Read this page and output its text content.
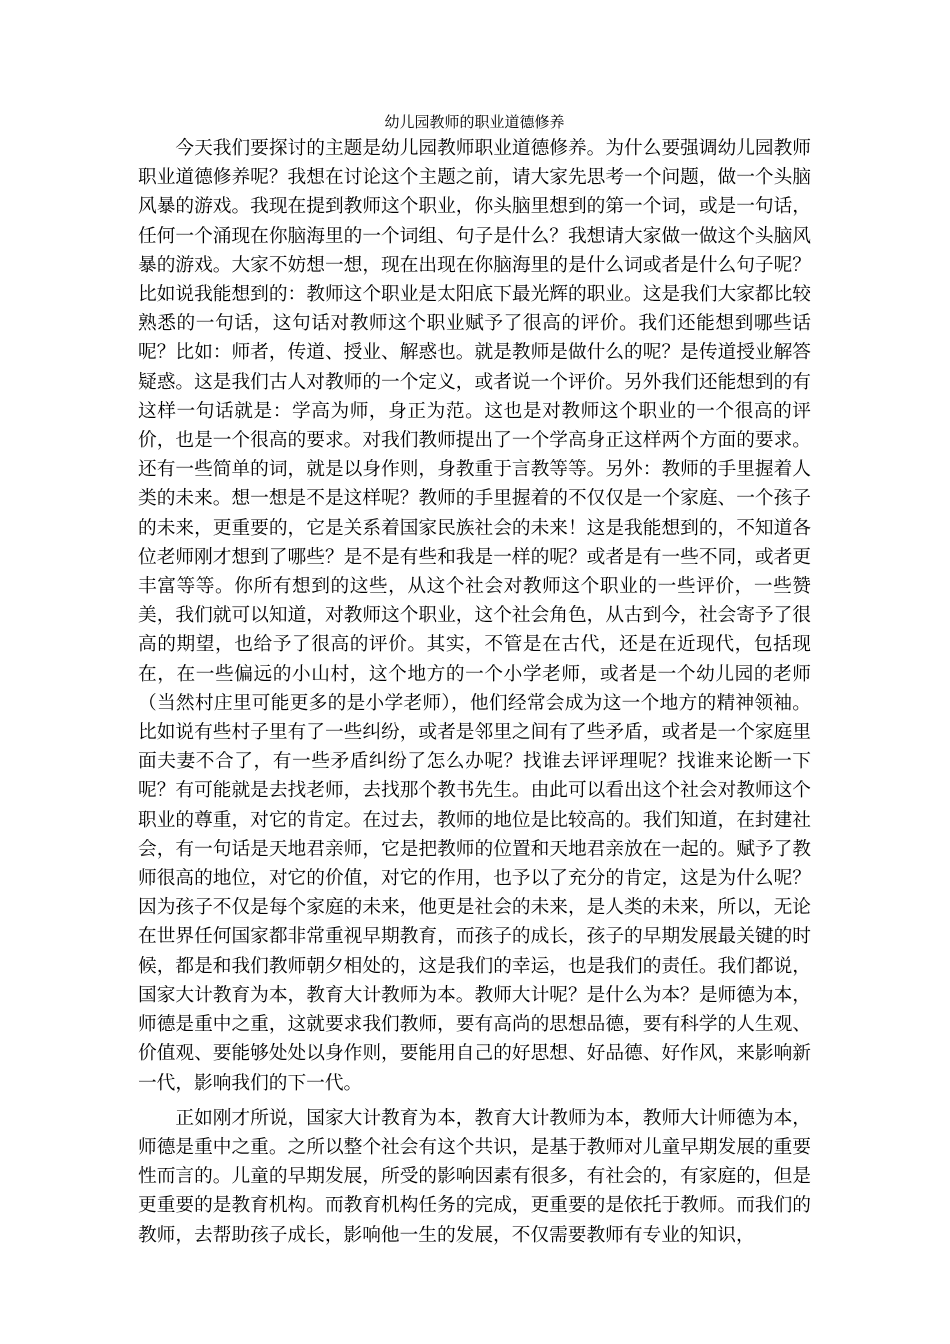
幼儿园教师的职业道德修养

今天我们要探讨的主题是幼儿园教师职业道德修养。为什么要强调幼儿园教师职业道德修养呢？我想在讨论这个主题之前，请大家先思考一个问题，做一个头脑风暴的游戏。我现在提到教师这个职业，你头脑里想到的第一个词，或是一句话，任何一个涌现在你脑海里的一个词组、句子是什么？我想请大家做一做这个头脑风暴的游戏。大家不妨想一想，现在出现在你脑海里的是什么词或者是什么句子呢？比如说我能想到的：教师这个职业是太阳底下最光辉的职业。这是我们大家都比较熟悉的一句话，这句话对教师这个职业赋予了很高的评价。我们还能想到哪些话呢？比如：师者，传道、授业、解惑也。就是教师是做什么的呢？是传道授业解答疑惑。这是我们古人对教师的一个定义，或者说一个评价。另外我们还能想到的有这样一句话就是：学高为师，身正为范。这也是对教师这个职业的一个很高的评价，也是一个很高的要求。对我们教师提出了一个学高身正这样两个方面的要求。还有一些简单的词，就是以身作则，身教重于言教等等。另外：教师的手里握着人类的未来。想一想是不是这样呢？教师的手里握着的不仅仅是一个家庭、一个孩子的未来，更重要的，它是关系着国家民族社会的未来！这是我能想到的，不知道各位老师刚才想到了哪些？是不是有些和我是一样的呢？或者是有一些不同，或者更丰富等等。你所有想到的这些，从这个社会对教师这个职业的一些评价，一些赞美，我们就可以知道，对教师这个职业，这个社会角色，从古到今，社会寄予了很高的期望，也给予了很高的评价。其实，不管是在古代，还是在近现代，包括现在，在一些偏远的小山村，这个地方的一个小学老师，或者是一个幼儿园的老师（当然村庄里可能更多的是小学老师），他们经常会成为这一个地方的精神领袖。比如说有些村子里有了一些纠纷，或者是邻里之间有了些矛盾，或者是一个家庭里面夫妻不合了，有一些矛盾纠纷了怎么办呢？找谁去评评理呢？找谁来论断一下呢？有可能就是去找老师，去找那个教书先生。由此可以看出这个社会对教师这个职业的尊重，对它的肯定。在过去，教师的地位是比较高的。我们知道，在封建社会，有一句话是天地君亲师，它是把教师的位置和天地君亲放在一起的。赋予了教师很高的地位，对它的价值，对它的作用，也予以了充分的肯定，这是为什么呢？因为孩子不仅是每个家庭的未来，他更是社会的未来，是人类的未来，所以，无论在世界任何国家都非常重视早期教育，而孩子的成长，孩子的早期发展最关键的时候，都是和我们教师朝夕相处的，这是我们的幸运，也是我们的责任。我们都说，国家大计教育为本，教育大计教师为本。教师大计呢？是什么为本？是师德为本，师德是重中之重，这就要求我们教师，要有高尚的思想品德，要有科学的人生观、价值观、要能够处处以身作则，要能用自己的好思想、好品德、好作风，来影响新一代，影响我们的下一代。

正如刚才所说，国家大计教育为本，教育大计教师为本，教师大计师德为本，师德是重中之重。之所以整个社会有这个共识，是基于教师对儿童早期发展的重要性而言的。儿童的早期发展，所受的影响因素有很多，有社会的，有家庭的，但是更重要的是教育机构。而教育机构任务的完成，更重要的是依托于教师。而我们的教师，去帮助孩子成长，影响他一生的发展，不仅需要教师有专业的知识，
